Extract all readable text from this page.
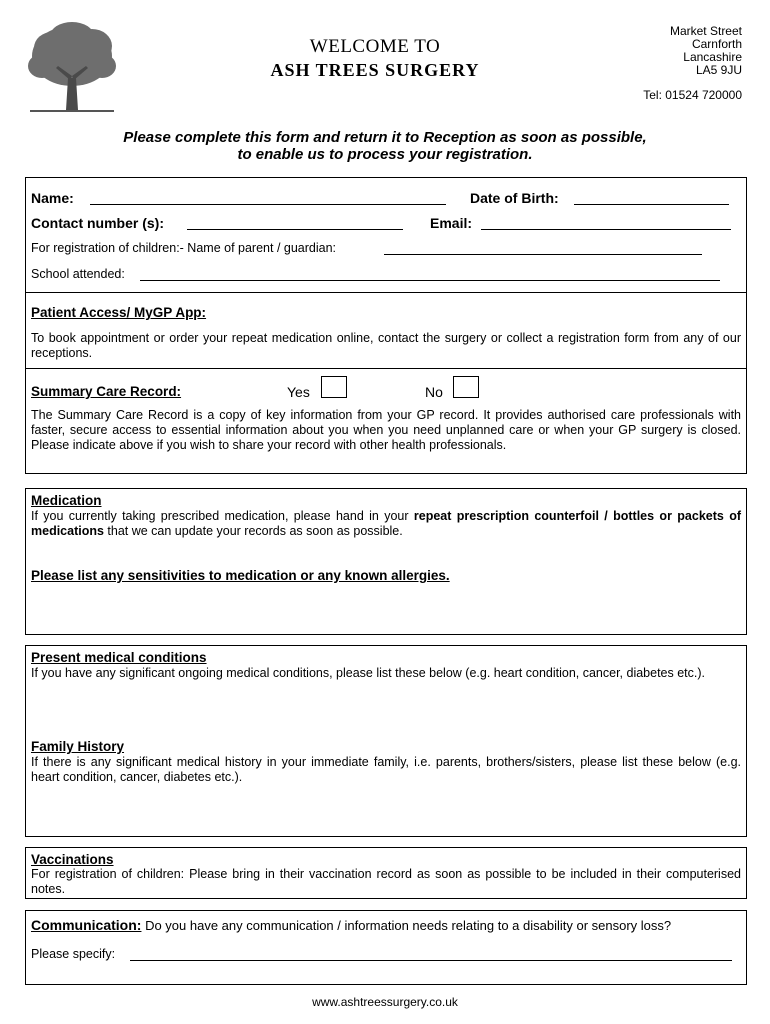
WELCOME TO
ASH TREES SURGERY
Market Street
Carnforth
Lancashire
LA5 9JU
Tel: 01524 720000
Please complete this form and return it to Reception as soon as possible,
to enable us to process your registration.
Name:	Date of Birth:
Contact number (s):	Email:
For registration of children:- Name of parent / guardian:
School attended:
Patient Access/ MyGP App:
To book appointment or order your repeat medication online, contact the surgery or collect a registration form from any of our receptions.
Summary Care Record:	Yes	No
The Summary Care Record is a copy of key information from your GP record. It provides authorised care professionals with faster, secure access to essential information about you when you need unplanned care or when your GP surgery is closed. Please indicate above if you wish to share your record with other health professionals.
Medication
If you currently taking prescribed medication, please hand in your repeat prescription counterfoil / bottles or packets of medications that we can update your records as soon as possible.
Please list any sensitivities to medication or any known allergies.
Present medical conditions
If you have any significant ongoing medical conditions, please list these below (e.g. heart condition, cancer, diabetes etc.).
Family History
If there is any significant medical history in your immediate family, i.e. parents, brothers/sisters, please list these below (e.g. heart condition, cancer, diabetes etc.).
Vaccinations
For registration of children: Please bring in their vaccination record as soon as possible to be included in their computerised notes.
Communication: Do you have any communication / information needs relating to a disability or sensory loss?
Please specify:
www.ashtreessurgery.co.uk
